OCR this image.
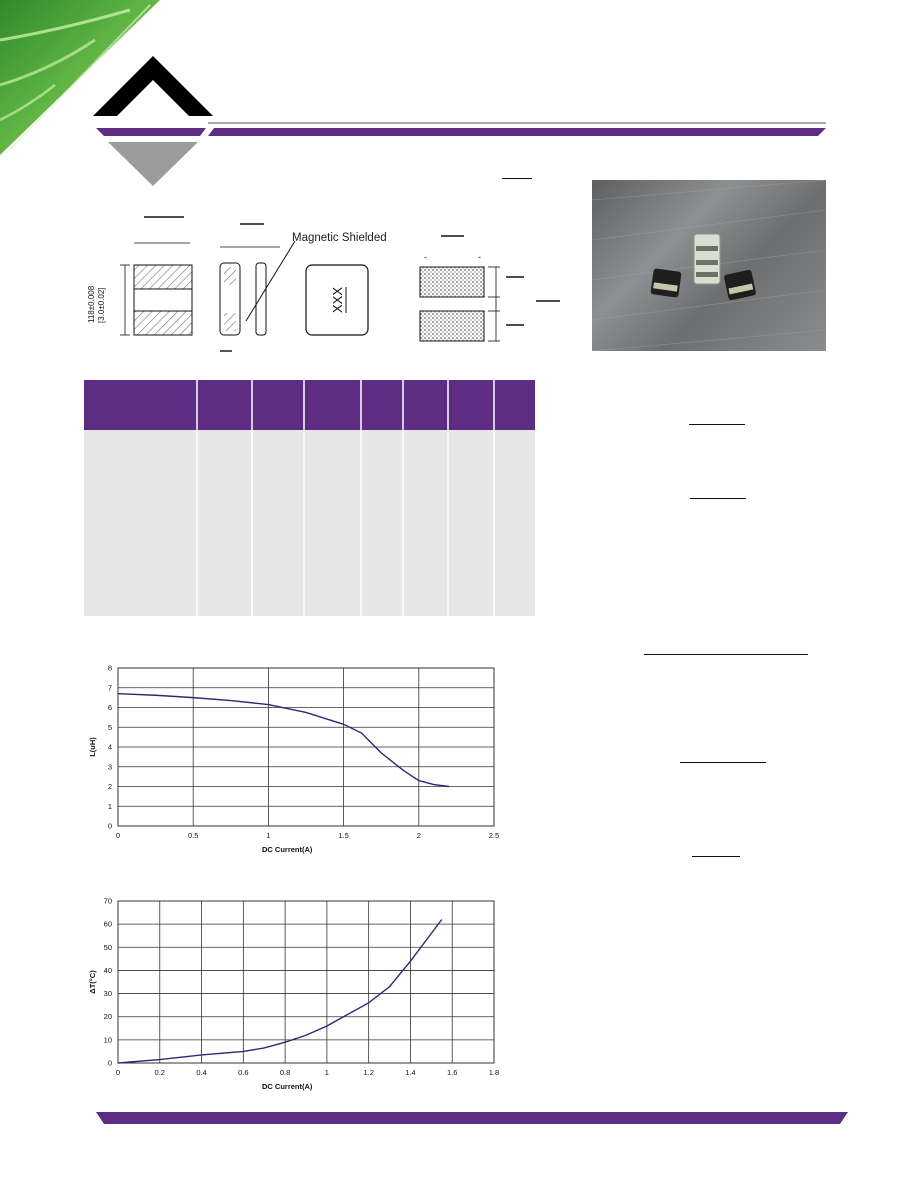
118±0.008 [3.0±0.02]	XXX
-	-
Magnetic Shielded
0	0.5	1	1.5	2	2.5
0
1
2
3
4
5
6
7
8
DC Current(A)
L(uH)
0	0.2	0.4	0.6	0.8	1	1.2	1.4	1.6	1.8
0
10
20
30
40
50
60
70
DC Current(A)
ΔT(°C)
